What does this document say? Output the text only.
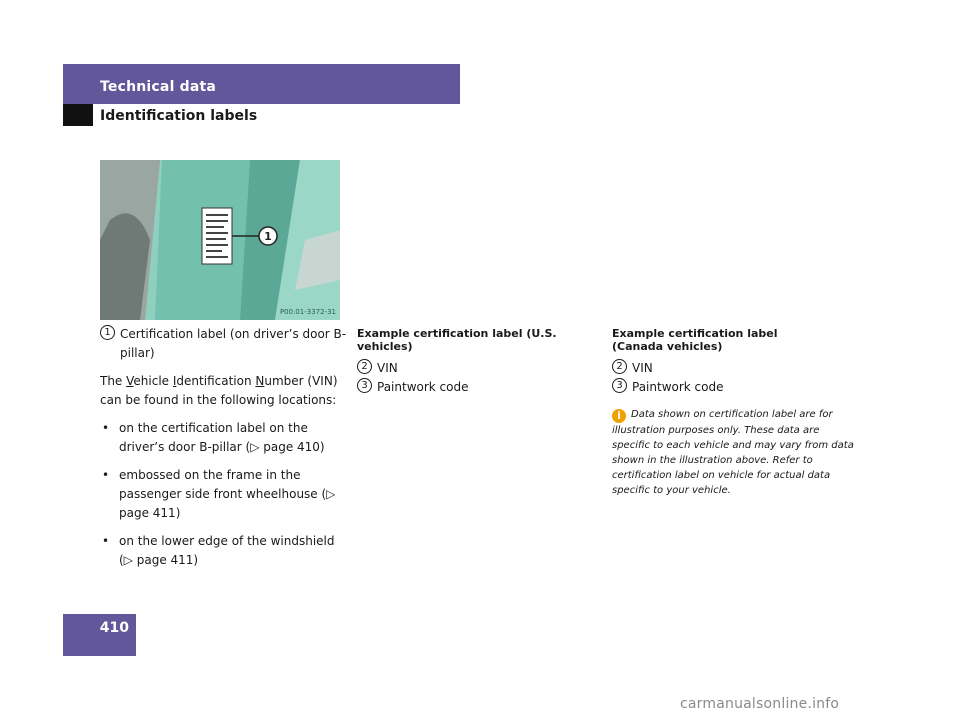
Technical data
Identification labels
1
P00.01-3372-31

1 Certification label (on driver’s door B-pillar)

The Vehicle Identification Number (VIN) can be found in the following locations:

• on the certification label on the driver’s door B-pillar (▷ page 410)
• embossed on the frame in the passenger side front wheelhouse (▷ page 411)
• on the lower edge of the windshield (▷ page 411)
Example certification label (U.S. vehicles)
2 VIN
3 Paintwork code
Example certification label
(Canada vehicles)
2 VIN
3 Paintwork code
i Data shown on certification label are for illustration purposes only. These data are specific to each vehicle and may vary from data shown in the illustration above. Refer to certification label on vehicle for actual data specific to your vehicle.
410
carmanualsonline.info
